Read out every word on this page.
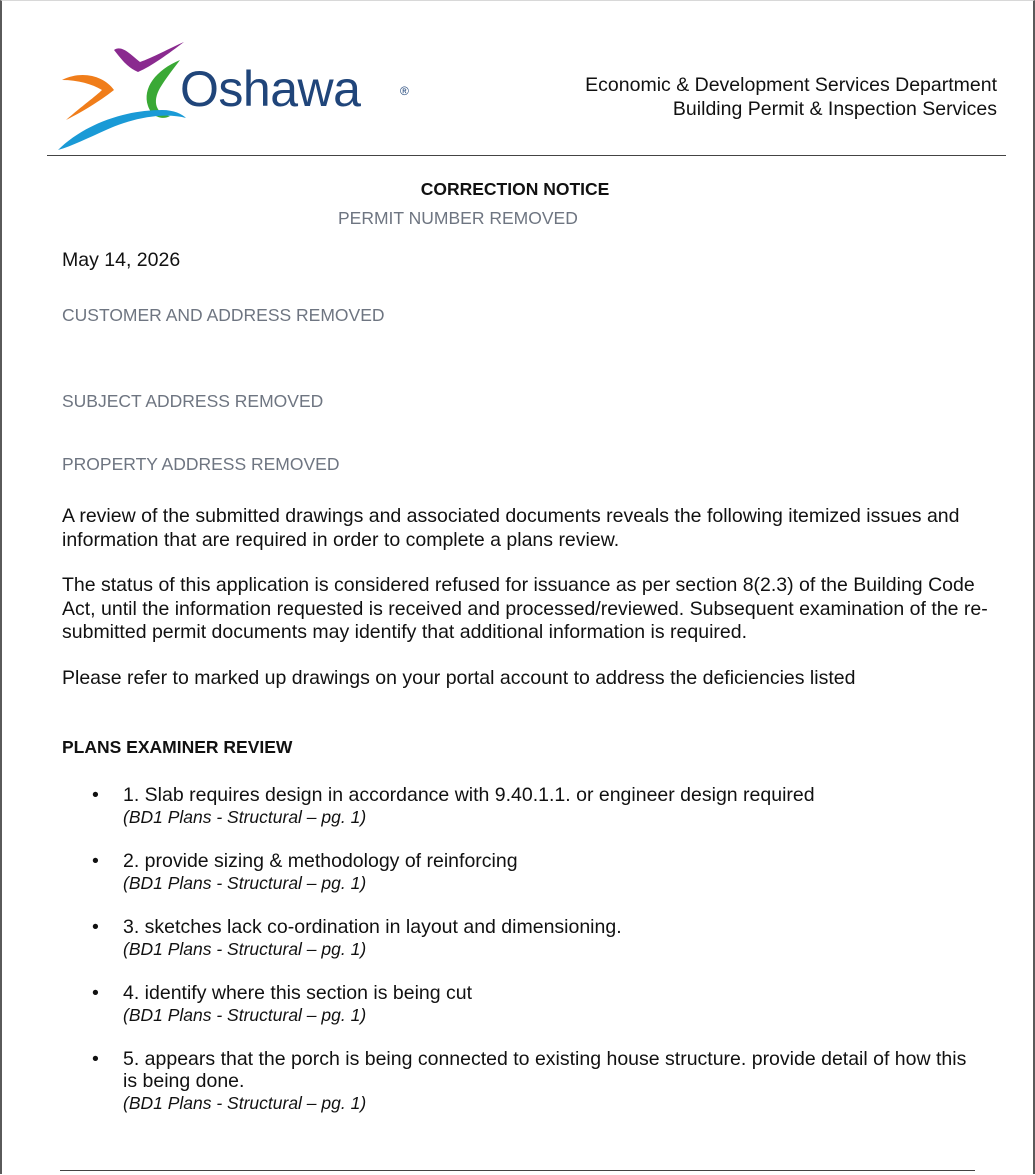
Oshawa	®	Economic & Development Services Department
Building Permit & Inspection Services
CORRECTION NOTICE
PERMIT NUMBER REMOVED
May 14, 2026
CUSTOMER AND ADDRESS REMOVED
SUBJECT ADDRESS REMOVED
PROPERTY ADDRESS REMOVED
A review of the submitted drawings and associated documents reveals the following itemized issues and information that are required in order to complete a plans review.
The status of this application is considered refused for issuance as per section 8(2.3) of the Building Code Act, until the information requested is received and processed/reviewed. Subsequent examination of the re-submitted permit documents may identify that additional information is required.
Please refer to marked up drawings on your portal account to address the deficiencies listed
PLANS EXAMINER REVIEW
• 1. Slab requires design in accordance with 9.40.1.1. or engineer design required
(BD1 Plans - Structural – pg. 1)
• 2. provide sizing & methodology of reinforcing
(BD1 Plans - Structural – pg. 1)
• 3. sketches lack co-ordination in layout and dimensioning.
(BD1 Plans - Structural – pg. 1)
• 4. identify where this section is being cut
(BD1 Plans - Structural – pg. 1)
• 5. appears that the porch is being connected to existing house structure. provide detail of how this is being done.
(BD1 Plans - Structural – pg. 1)
